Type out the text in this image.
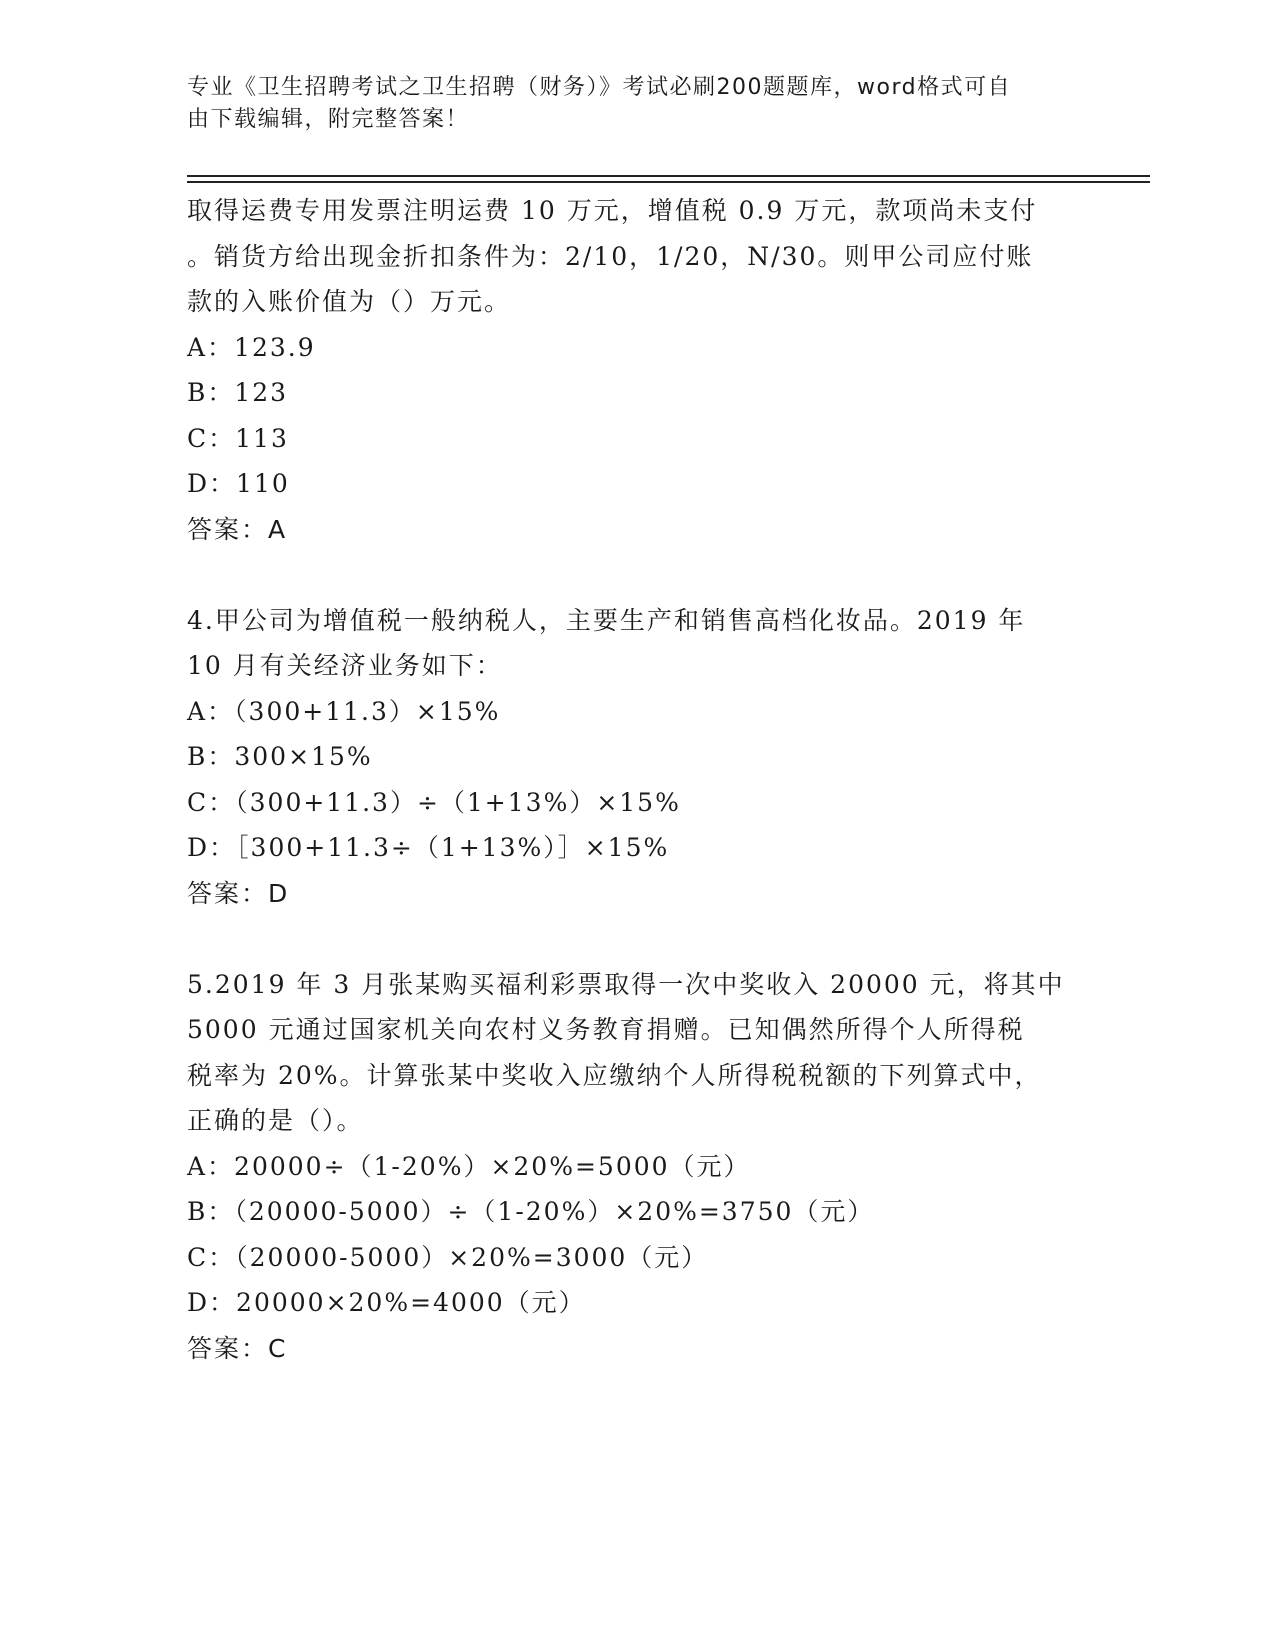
专业《卫生招聘考试之卫生招聘（财务）》考试必刷200题题库，word格式可自
由下载编辑，附完整答案！
取得运费专用发票注明运费 10 万元，增值税 0.9 万元，款项尚未支付
。销货方给出现金折扣条件为：2/10，1/20，N/30。则甲公司应付账
款的入账价值为（）万元。
A：123.9
B：123
C：113
D：110
答案：A
4.甲公司为增值税一般纳税人，主要生产和销售高档化妆品。2019 年
10 月有关经济业务如下：
A：（300+11.3）×15%
B：300×15%
C：（300+11.3）÷（1+13%）×15%
D：［300+11.3÷（1+13%）］×15%
答案：D
5.2019 年 3 月张某购买福利彩票取得一次中奖收入 20000 元，将其中
5000 元通过国家机关向农村义务教育捐赠。已知偶然所得个人所得税
税率为 20%。计算张某中奖收入应缴纳个人所得税税额的下列算式中，
正确的是（）。
A：20000÷（1-20%）×20%=5000（元）
B：（20000-5000）÷（1-20%）×20%=3750（元）
C：（20000-5000）×20%=3000（元）
D：20000×20%=4000（元）
答案：C
